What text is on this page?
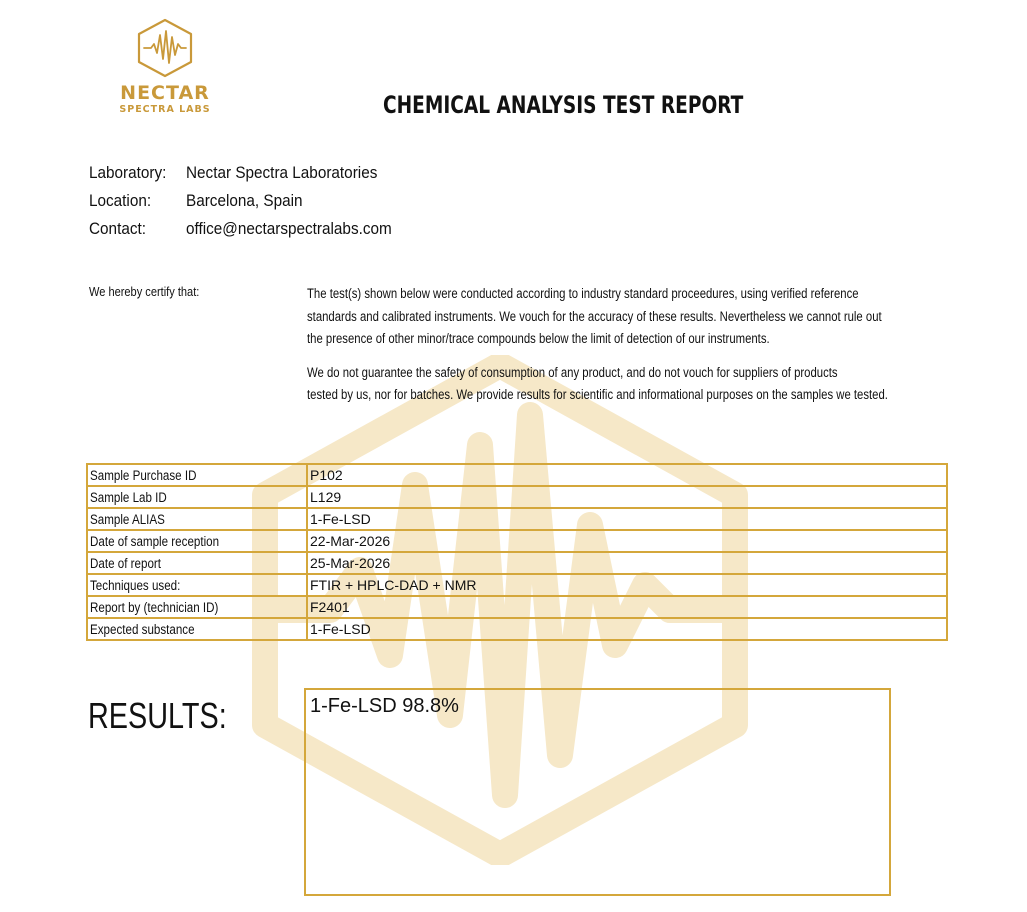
NECTAR
SPECTRA LABS	CHEMICAL ANALYSIS TEST REPORT
Laboratory:	Nectar Spectra Laboratories
Location:	Barcelona, Spain
Contact:	office@nectarspectralabs.com
We hereby certify that:	The test(s) shown below were conducted according to industry standard proceedures, using verified reference
standards and calibrated instruments. We vouch for the accuracy of these results. Nevertheless we cannot rule out
the presence of other minor/trace compounds below the limit of detection of our instruments.

We do not guarantee the safety of consumption of any product, and do not vouch for suppliers of products
tested by us, nor for batches. We provide results for scientific and informational purposes on the samples we tested.

Sample Purchase ID	P102
Sample Lab ID	L129
Sample ALIAS	1-Fe-LSD
Date of sample reception	22-Mar-2026
Date of report	25-Mar-2026
Techniques used:	FTIR + HPLC-DAD + NMR
Report by (technician ID)	F2401
Expected substance	1-Fe-LSD
RESULTS:	1-Fe-LSD 98.8%
